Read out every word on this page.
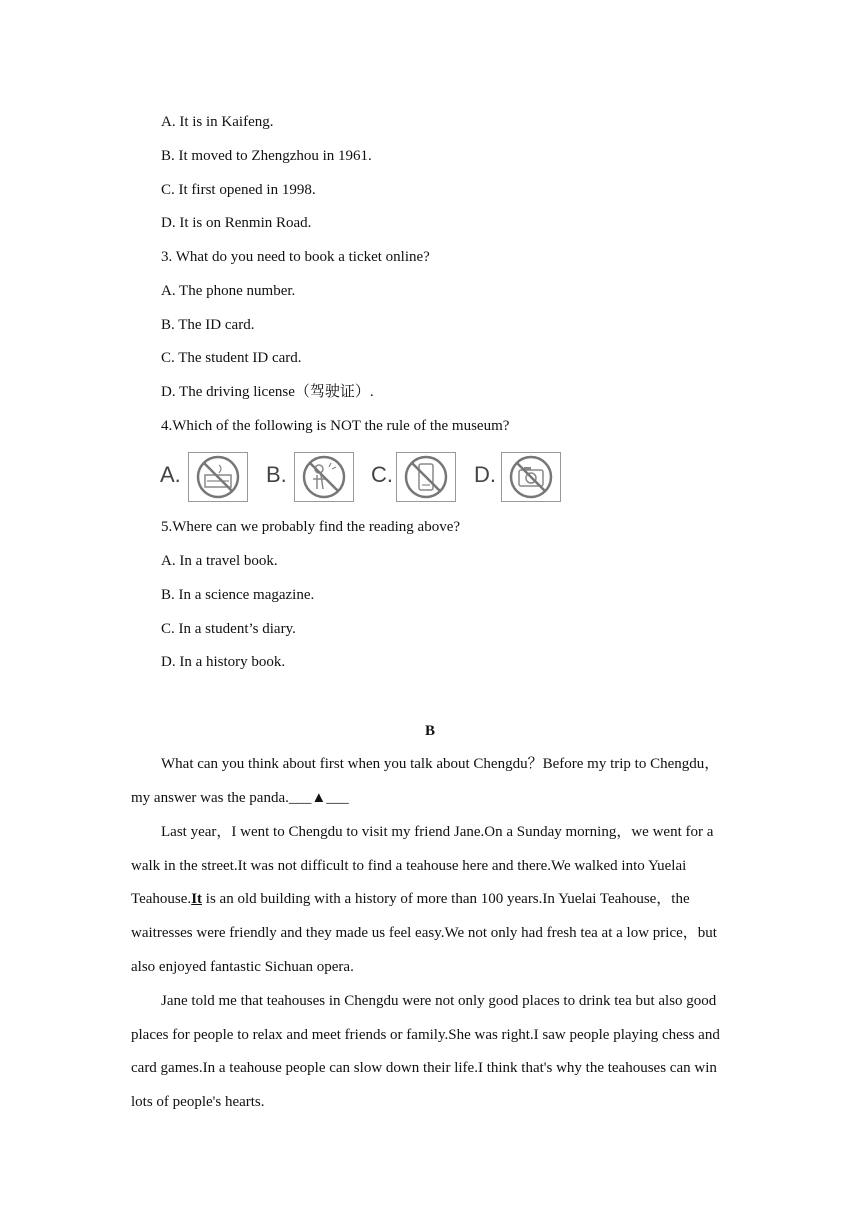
A. It is in Kaifeng.
B. It moved to Zhengzhou in 1961.
C. It first opened in 1998.
D. It is on Renmin Road.
3. What do you need to book a ticket online?
A. The phone number.
B. The ID card.
C. The student ID card.
D. The driving license（驾驶证）.
4.Which of the following is NOT the rule of the museum?
A.	B.	C.	D.
5.Where can we probably find the reading above?
A. In a travel book.
B. In a science magazine.
C. In a student’s diary.
D. In a history book.
B
What can you think about first when you talk about Chengdu？Before my trip to Chengdu，
my answer was the panda.___▲___
Last year，I went to Chengdu to visit my friend Jane.On a Sunday morning，we went for a
walk in the street.It was not difficult to find a teahouse here and there.We walked into Yuelai
Teahouse.It is an old building with a history of more than 100 years.In Yuelai Teahouse，the
waitresses were friendly and they made us feel easy.We not only had fresh tea at a low price，but
also enjoyed fantastic Sichuan opera.
Jane told me that teahouses in Chengdu were not only good places to drink tea but also good
places for people to relax and meet friends or family.She was right.I saw people playing chess and
card games.In a teahouse people can slow down their life.I think that's why the teahouses can win
lots of people's hearts.
